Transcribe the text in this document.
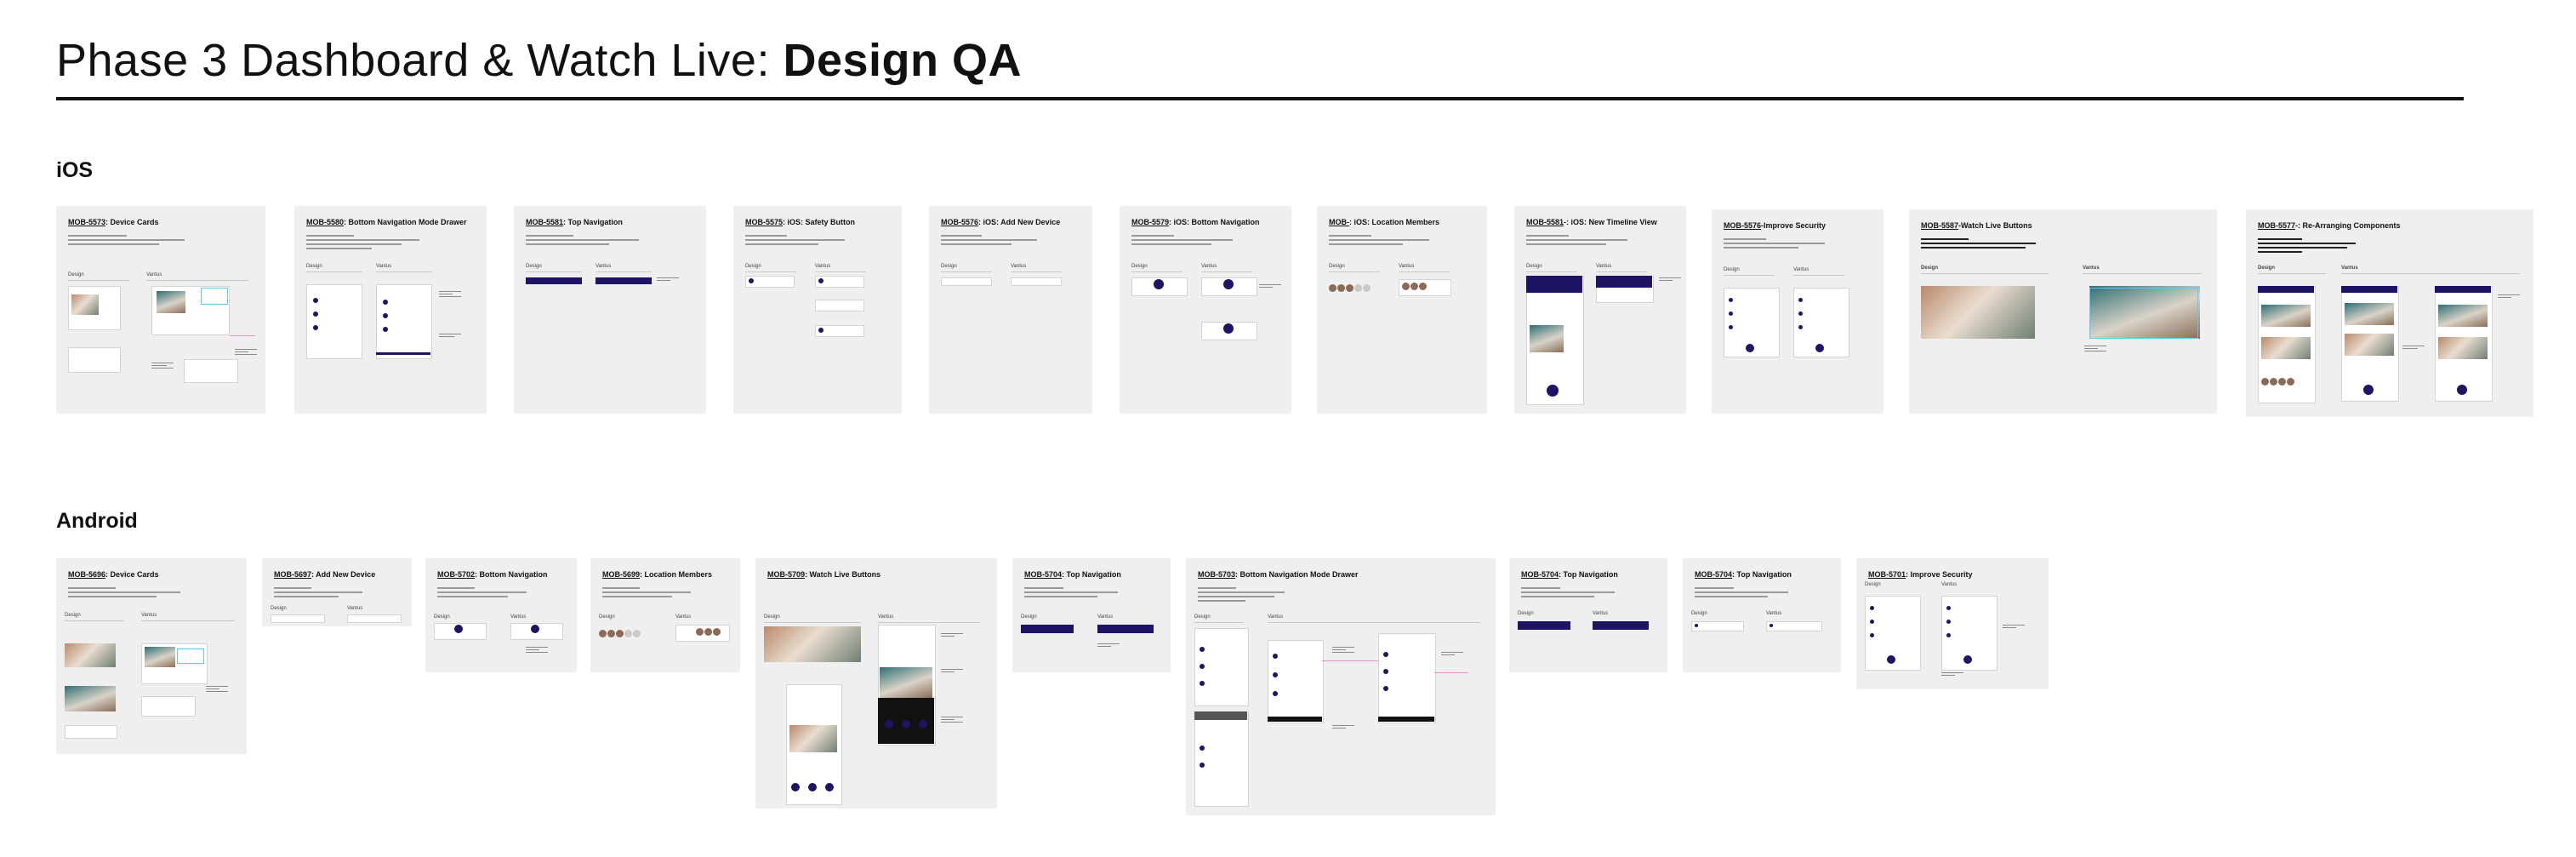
Phase 3 Dashboard & Watch Live: Design QA
iOS
Android
MOB-5573: Device Cards
Design	Vantus
MOB-5580: Bottom Navigation Mode Drawer
Design	Vantus
MOB-5581: Top Navigation
Design	Vantus
MOB-5575: iOS: Safety Button
Design	Vantus
MOB-5576: iOS: Add New Device
Design	Vantus
MOB-5579: iOS: Bottom Navigation
Design	Vantus
MOB-: iOS: Location Members
Design	Vantus
MOB-5581-: iOS: New Timeline View
Design	Vantus
MOB-5576-Improve Security
Design	Vantus
MOB-5587-Watch Live Buttons
Design	Vantus
MOB-5577-: Re-Arranging Components
Design	Vantus
MOB-5696: Device Cards
Design	Vantus
MOB-5697: Add New Device
Design	Vantus
MOB-5702: Bottom Navigation
Design	Vantus
MOB-5699: Location Members
Design	Vantus
MOB-5709: Watch Live Buttons
Design	Vantus
MOB-5704: Top Navigation
Design	Vantus
MOB-5703: Bottom Navigation Mode Drawer
Design	Vantus
MOB-5704: Top Navigation
Design	Vantus
MOB-5704: Top Navigation
Design	Vantus
MOB-5701: Improve Security
Design	Vantus
